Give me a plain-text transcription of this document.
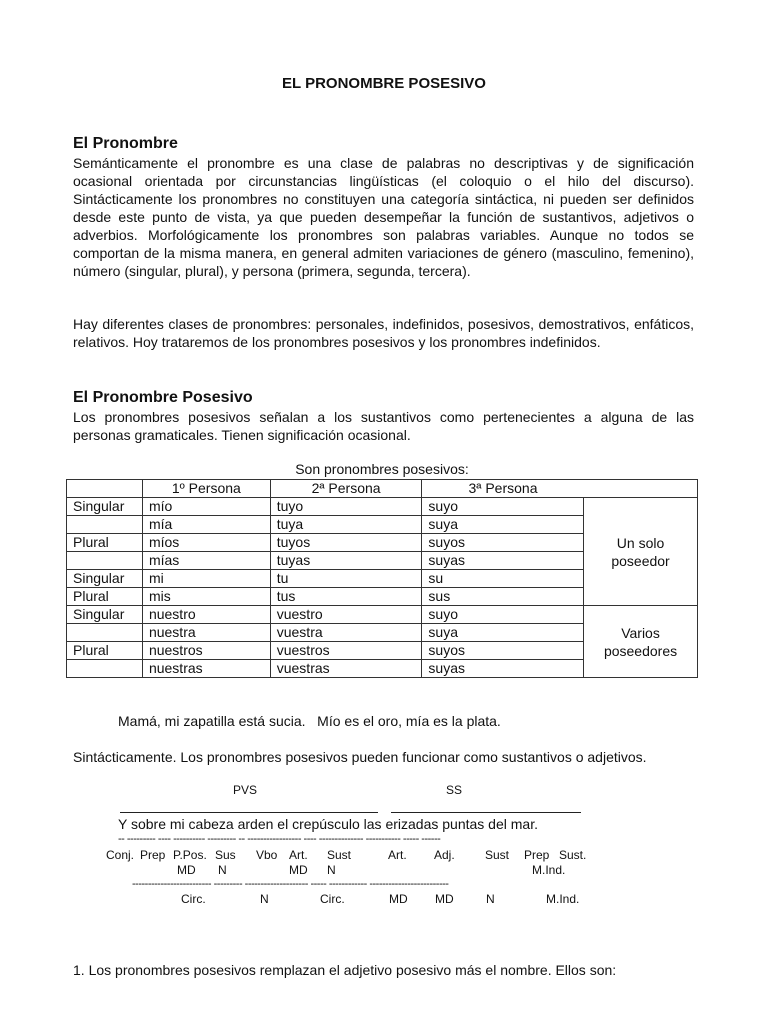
EL PRONOMBRE POSESIVO
El Pronombre
Semánticamente el pronombre es una clase de palabras no descriptivas y de significación ocasional orientada por circunstancias lingüísticas (el coloquio o el hilo del discurso). Sintácticamente los pronombres no constituyen una categoría sintáctica, ni pueden ser definidos desde este punto de vista, ya que pueden desempeñar la función de sustantivos, adjetivos o adverbios. Morfológicamente los pronombres son palabras variables. Aunque no todos se comportan de la misma manera, en general admiten variaciones de género (masculino, femenino), número (singular, plural), y persona (primera, segunda, tercera).
Hay diferentes clases de pronombres: personales, indefinidos, posesivos, demostrativos, enfáticos, relativos. Hoy trataremos de los pronombres posesivos y los pronombres indefinidos.
El Pronombre Posesivo
Los pronombres posesivos señalan a los sustantivos como pertenecientes a alguna de las personas gramaticales. Tienen significación ocasional.
Son pronombres posesivos:
	1º Persona	2ª Persona	3ª Persona	
Singular	mío	tuyo	suyo	Un solo
poseedor
	mía	tuya	suya	
Plural	míos	tuyos	suyos	
	mías	tuyas	suyas	
Singular	mi	tu	su	
Plural	mis	tus	sus	
Singular	nuestro	vuestro	suyo	Varios
poseedores
	nuestra	vuestra	suya	
Plural	nuestros	vuestros	suyos	
	nuestras	vuestras	suyas	
Mamá, mi zapatilla está sucia.   Mío es el oro, mía es la plata.
Sintácticamente. Los pronombres posesivos pueden funcionar como sustantivos o adjetivos.
PVS	SS
Y sobre mi cabeza arden el crepúsculo las erizadas puntas del mar.
-- --------- ---- ---------- --------- -- ----------------- ---- -------------- ----------- ----- ------
Conj. Prep P.Pos. Sus Vbo Art. Sust	Art. Adj.	Sust Prep Sust.
MD N	MD N	M.Ind.
------------------------- --------- -------------------- ----- ------------ -------------------------
Circ.	N	Circ.	MD MD	N	M.Ind.
1. Los pronombres posesivos remplazan el adjetivo posesivo más el nombre. Ellos son:
